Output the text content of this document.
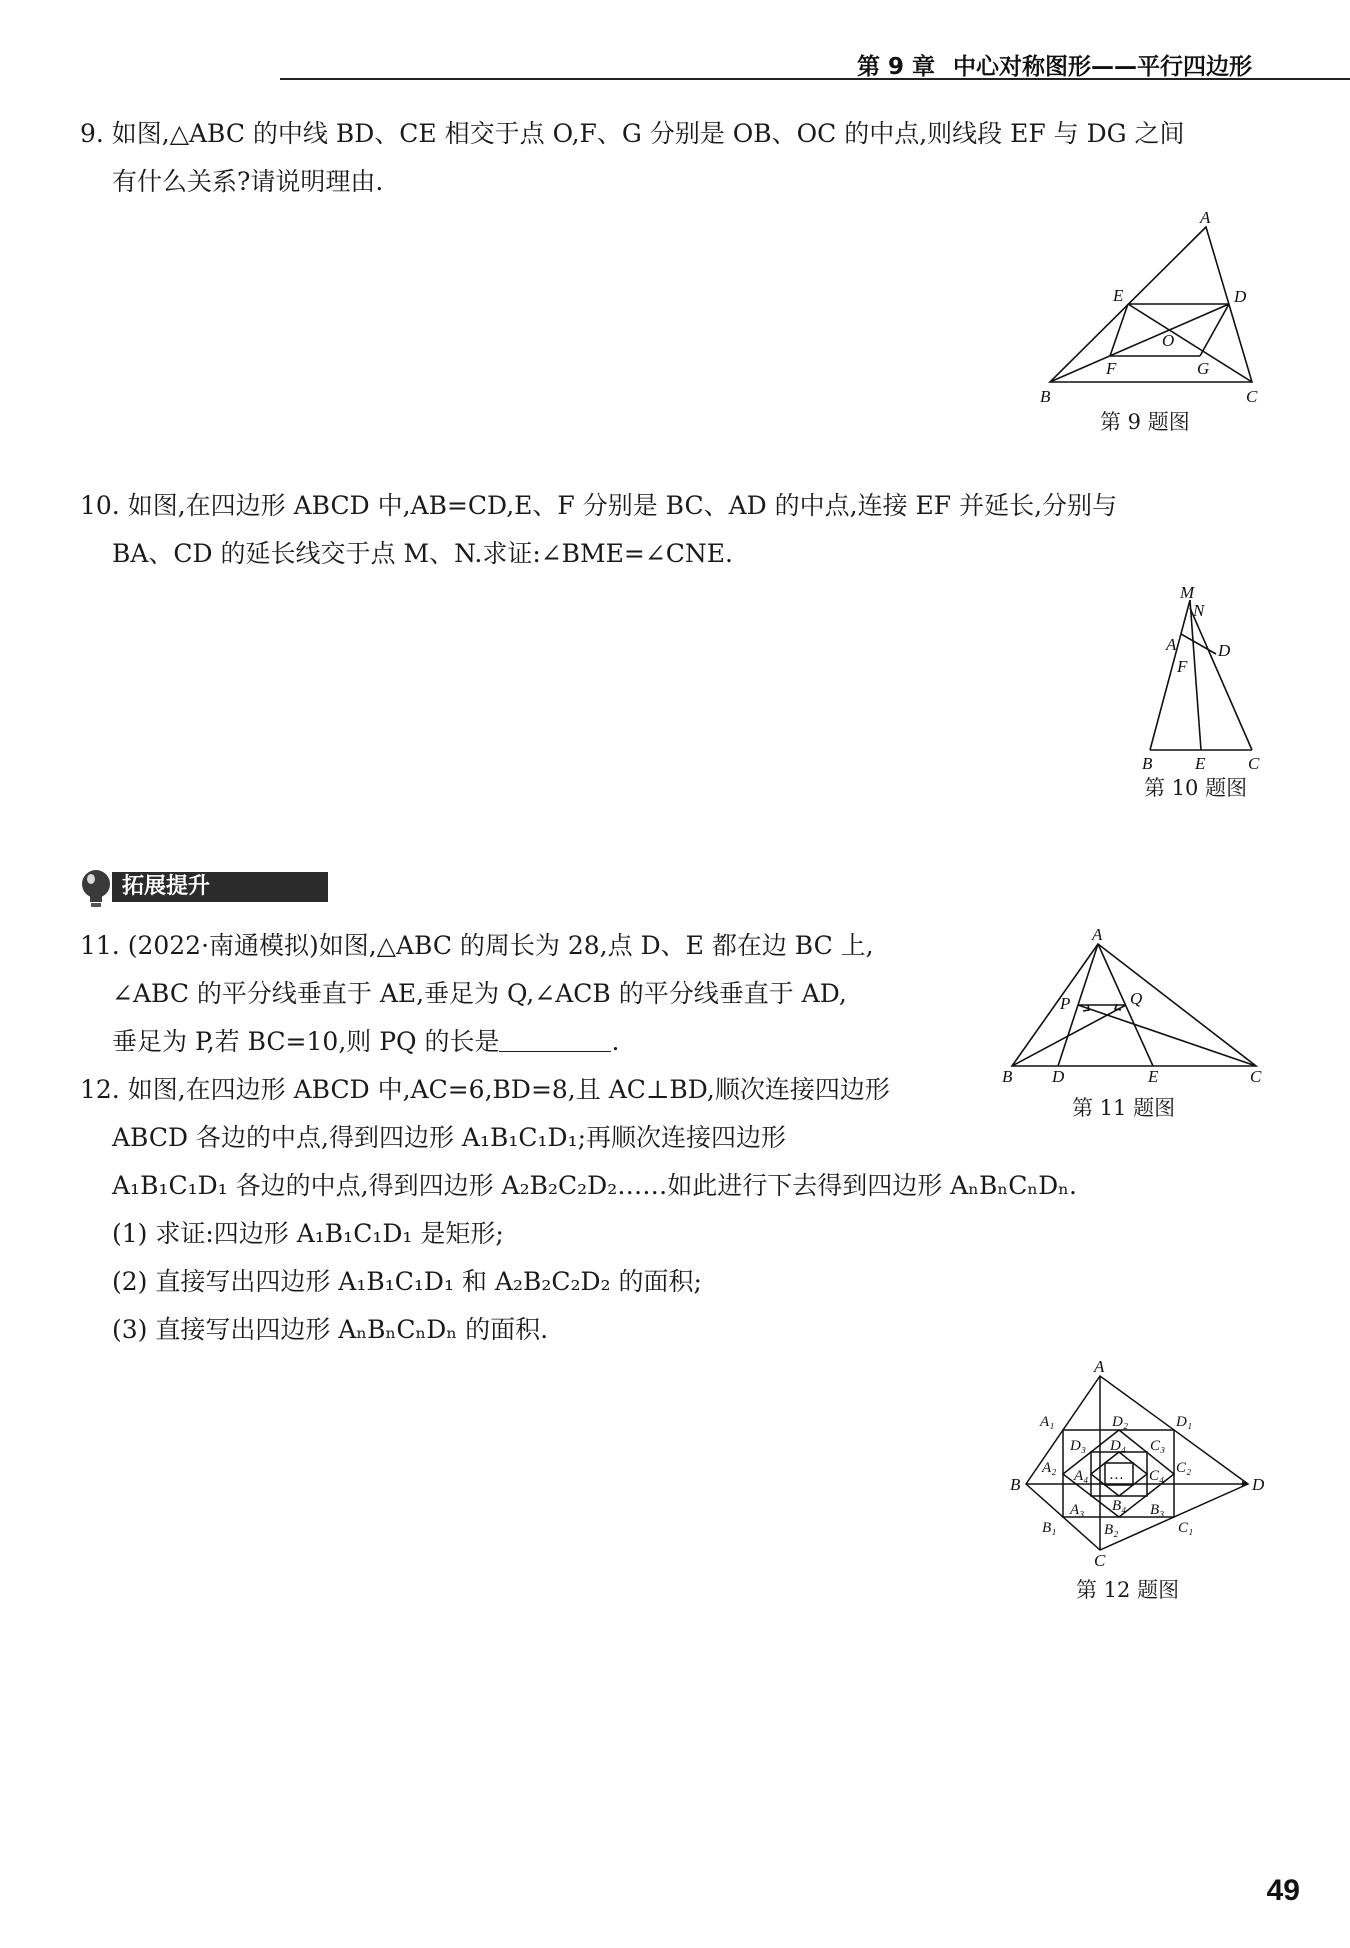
第 9 章 中心对称图形——平行四边形
9. 如图,△ABC 的中线 BD、CE 相交于点 O,F、G 分别是 OB、OC 的中点,则线段 EF 与 DG 之间
有什么关系?请说明理由.
A
E	D
O
F	G
B	C
第 9 题图
10. 如图,在四边形 ABCD 中,AB=CD,E、F 分别是 BC、AD 的中点,连接 EF 并延长,分别与
BA、CD 的延长线交于点 M、N.求证:∠BME=∠CNE.
M
N
A D
F
B	E	C
第 10 题图
拓展提升
11. (2022·南通模拟)如图,△ABC 的周长为 28,点 D、E 都在边 BC 上,
∠ABC 的平分线垂直于 AE,垂足为 Q,∠ACB 的平分线垂直于 AD,
垂足为 P,若 BC=10,则 PQ 的长是	.
A
P	Q
B D	E	C
第 11 题图
12. 如图,在四边形 ABCD 中,AC=6,BD=8,且 AC⊥BD,顺次连接四边形
ABCD 各边的中点,得到四边形 A₁B₁C₁D₁;再顺次连接四边形
A₁B₁C₁D₁ 各边的中点,得到四边形 A₂B₂C₂D₂……如此进行下去得到四边形 AₙBₙCₙDₙ.
(1) 求证:四边形 A₁B₁C₁D₁ 是矩形;
(2) 直接写出四边形 A₁B₁C₁D₁ 和 A₂B₂C₂D₂ 的面积;
(3) 直接写出四边形 AₙBₙCₙDₙ 的面积.
A
B
C
D
A₁
B₁	C₁
D₁
A₂
B₂
C₂
D₂
A₃	B₃
C₃
D₃
A₄
B₄
C₄
D₄
…
第 12 题图
49
